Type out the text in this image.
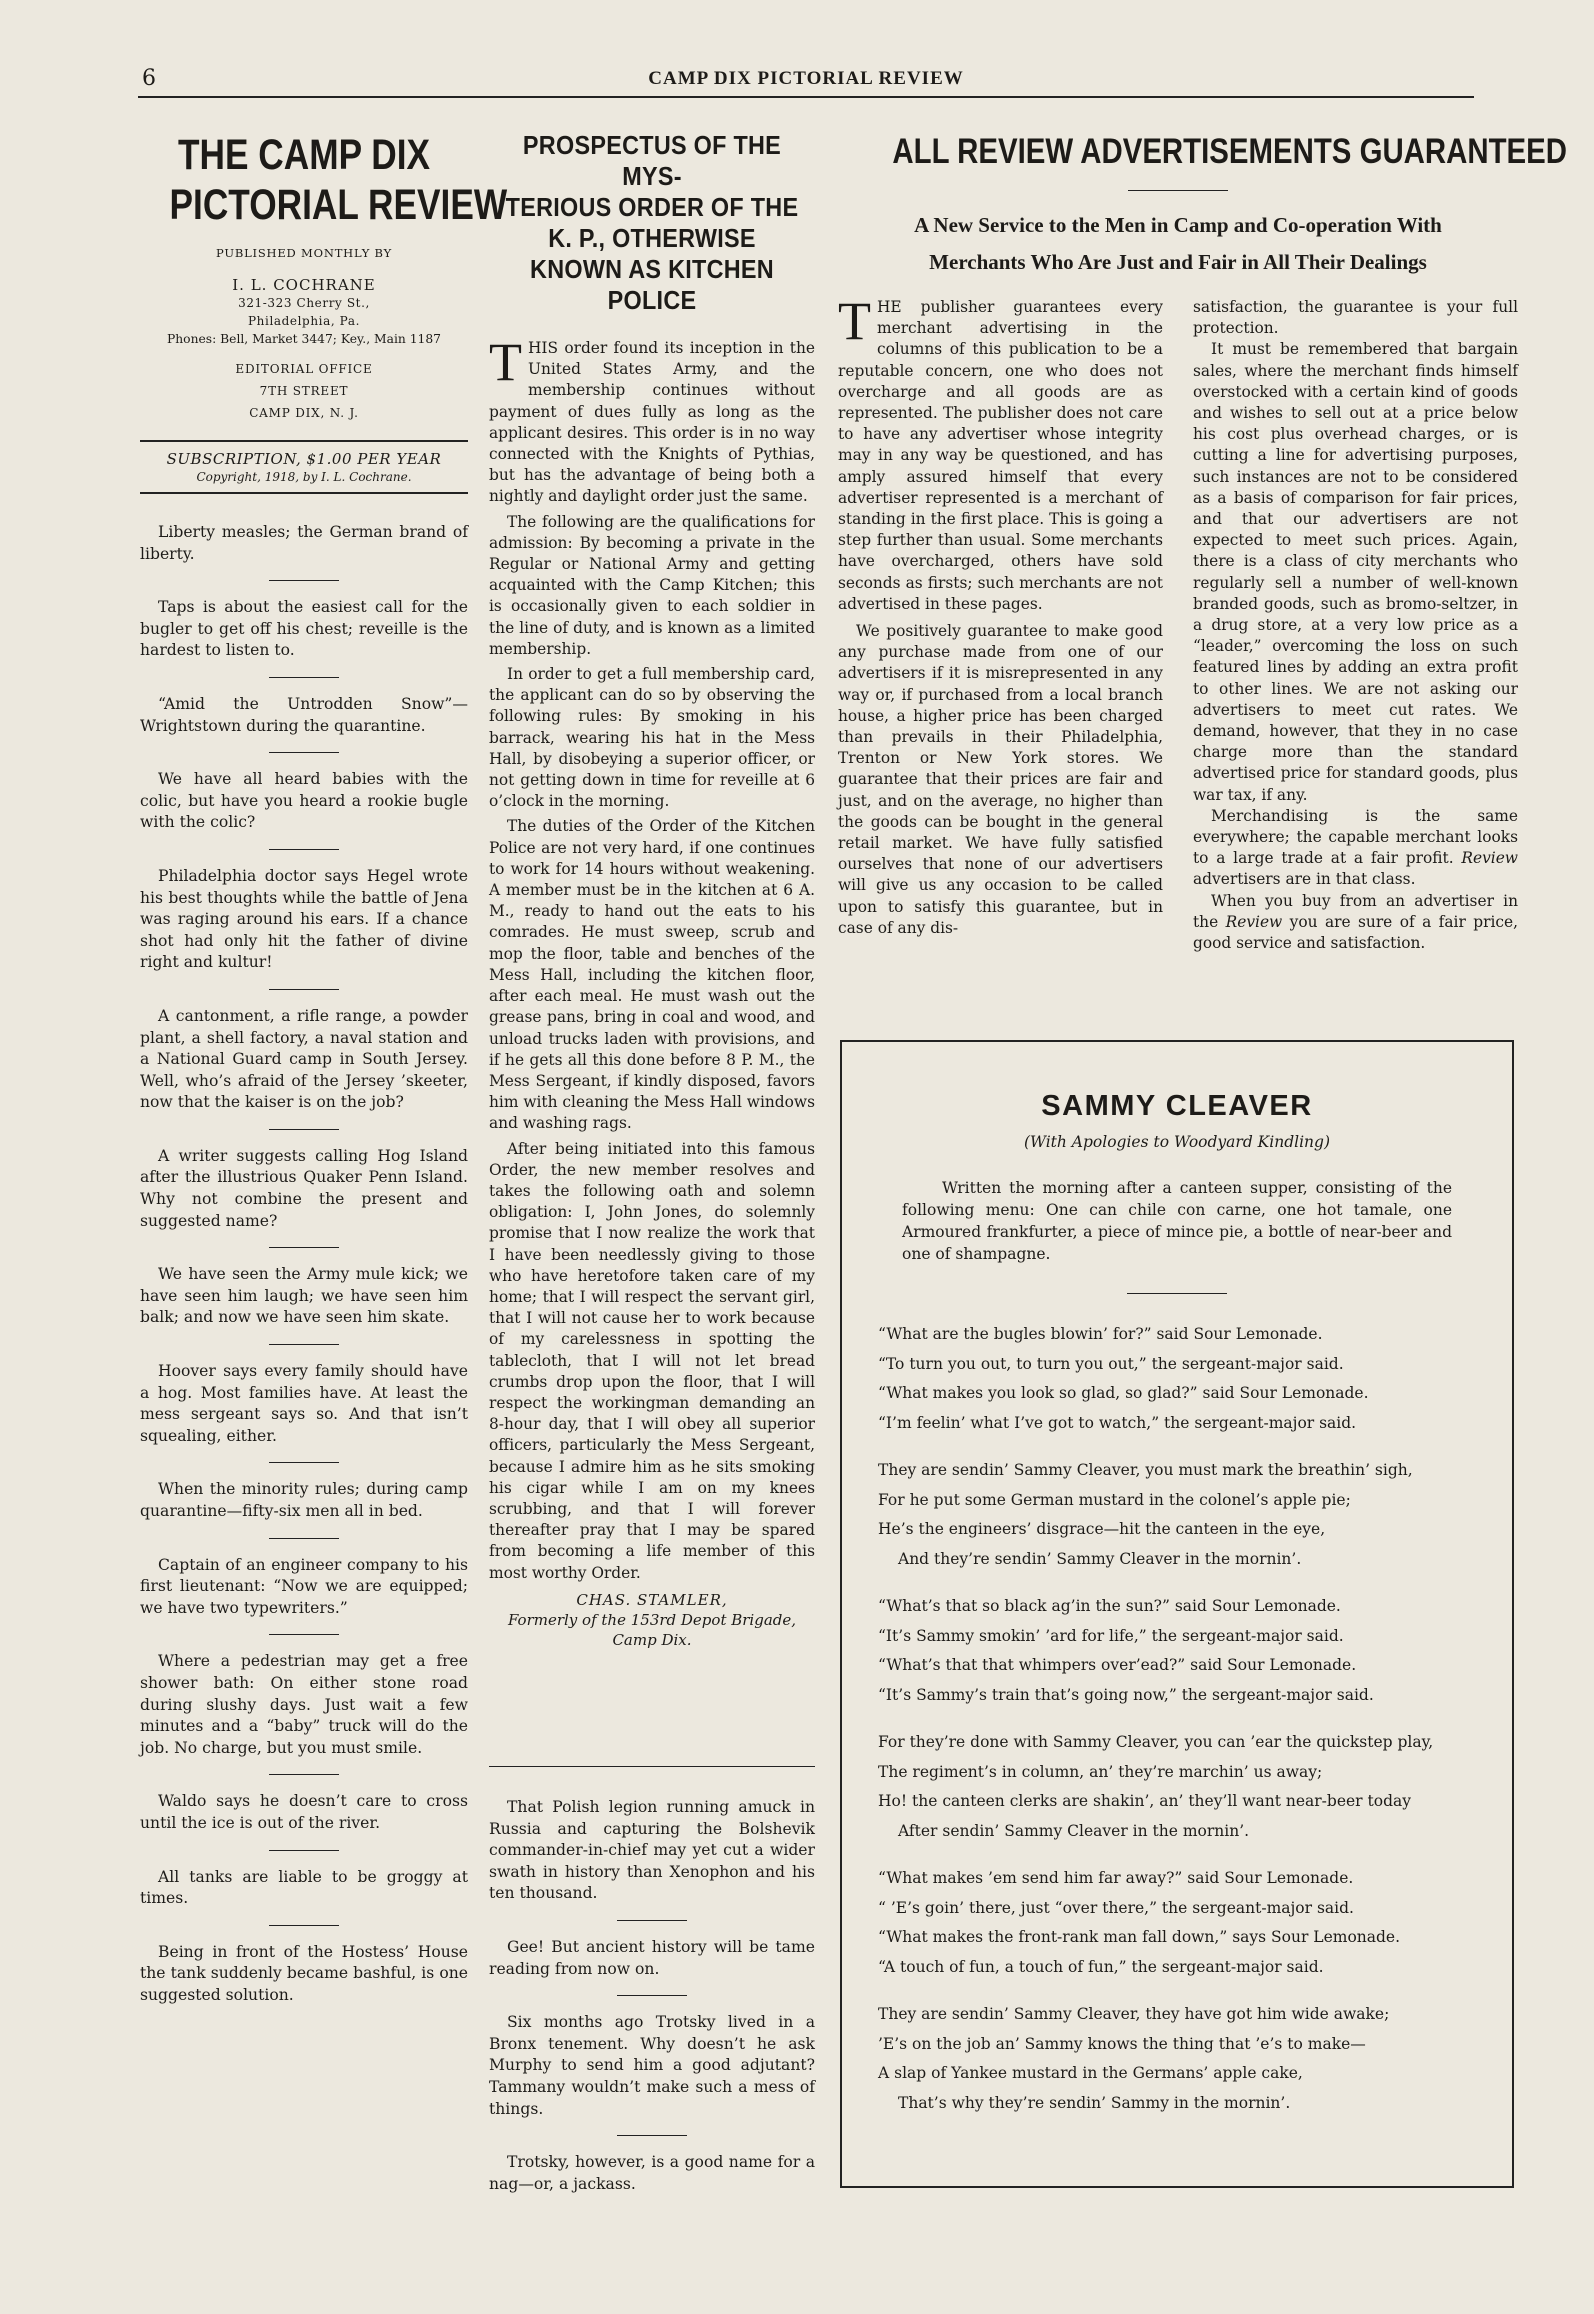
6	CAMP DIX PICTORIAL REVIEW
THE CAMP DIX
PICTORIAL REVIEW
PUBLISHED MONTHLY BY
I. L. COCHRANE
321-323 Cherry St.,
Philadelphia, Pa.
Phones: Bell, Market 3447; Key., Main 1187
EDITORIAL OFFICE
7TH STREET
CAMP DIX, N. J.
SUBSCRIPTION, $1.00 PER YEAR
Copyright, 1918, by I. L. Cochrane.

Liberty measles; the German brand of liberty.

Taps is about the easiest call for the bugler to get off his chest; reveille is the hardest to listen to.

“Amid the Untrodden Snow”—Wrightstown during the quarantine.

We have all heard babies with the colic, but have you heard a rookie bugle with the colic?

Philadelphia doctor says Hegel wrote his best thoughts while the battle of Jena was raging around his ears. If a chance shot had only hit the father of divine right and kultur!

A cantonment, a rifle range, a powder plant, a shell factory, a naval station and a National Guard camp in South Jersey. Well, who’s afraid of the Jersey ’skeeter, now that the kaiser is on the job?

A writer suggests calling Hog Island after the illustrious Quaker Penn Island. Why not combine the present and suggested name?

We have seen the Army mule kick; we have seen him laugh; we have seen him balk; and now we have seen him skate.

Hoover says every family should have a hog. Most families have. At least the mess sergeant says so. And that isn’t squealing, either.

When the minority rules; during camp quarantine—fifty-six men all in bed.

Captain of an engineer company to his first lieutenant: “Now we are equipped; we have two typewriters.”

Where a pedestrian may get a free shower bath: On either stone road during slushy days. Just wait a few minutes and a “baby” truck will do the job. No charge, but you must smile.

Waldo says he doesn’t care to cross until the ice is out of the river.

All tanks are liable to be groggy at times.

Being in front of the Hostess’ House the tank suddenly became bashful, is one suggested solution.

PROSPECTUS OF THE MYS-
TERIOUS ORDER OF THE
K. P., OTHERWISE
KNOWN AS KITCHEN
POLICE

THIS order found its inception in the United States Army, and the membership continues without payment of dues fully as long as the applicant desires. This order is in no way connected with the Knights of Pythias, but has the advantage of being both a nightly and daylight order just the same.

The following are the qualifications for admission: By becoming a private in the Regular or National Army and getting acquainted with the Camp Kitchen; this is occasionally given to each soldier in the line of duty, and is known as a limited membership.

In order to get a full membership card, the applicant can do so by observing the following rules: By smoking in his barrack, wearing his hat in the Mess Hall, by disobeying a superior officer, or not getting down in time for reveille at 6 o’clock in the morning.

The duties of the Order of the Kitchen Police are not very hard, if one continues to work for 14 hours without weakening. A member must be in the kitchen at 6 A. M., ready to hand out the eats to his comrades. He must sweep, scrub and mop the floor, table and benches of the Mess Hall, including the kitchen floor, after each meal. He must wash out the grease pans, bring in coal and wood, and unload trucks laden with provisions, and if he gets all this done before 8 P. M., the Mess Sergeant, if kindly disposed, favors him with cleaning the Mess Hall windows and washing rags.

After being initiated into this famous Order, the new member resolves and takes the following oath and solemn obligation: I, John Jones, do solemnly promise that I now realize the work that I have been needlessly giving to those who have heretofore taken care of my home; that I will respect the servant girl, that I will not cause her to work because of my carelessness in spotting the tablecloth, that I will not let bread crumbs drop upon the floor, that I will respect the workingman demanding an 8-hour day, that I will obey all superior officers, particularly the Mess Sergeant, because I admire him as he sits smoking his cigar while I am on my knees scrubbing, and that I will forever thereafter pray that I may be spared from becoming a life member of this most worthy Order.

CHAS. STAMLER,
Formerly of the 153rd Depot Brigade,
Camp Dix.

That Polish legion running amuck in Russia and capturing the Bolshevik commander-in-chief may yet cut a wider swath in history than Xenophon and his ten thousand.

Gee! But ancient history will be tame reading from now on.

Six months ago Trotsky lived in a Bronx tenement. Why doesn’t he ask Murphy to send him a good adjutant? Tammany wouldn’t make such a mess of things.

Trotsky, however, is a good name for a nag—or, a jackass.

ALL REVIEW ADVERTISEMENTS GUARANTEED
A New Service to the Men in Camp and Co-operation With
Merchants Who Are Just and Fair in All Their Dealings

THE publisher guarantees every merchant advertising in the columns of this publication to be a reputable concern, one who does not overcharge and all goods are as represented. The publisher does not care to have any advertiser whose integrity may in any way be questioned, and has amply assured himself that every advertiser represented is a merchant of standing in the first place. This is going a step further than usual. Some merchants have overcharged, others have sold seconds as firsts; such merchants are not advertised in these pages.

We positively guarantee to make good any purchase made from one of our advertisers if it is misrepresented in any way or, if purchased from a local branch house, a higher price has been charged than prevails in their Philadelphia, Trenton or New York stores. We guarantee that their prices are fair and just, and on the average, no higher than the goods can be bought in the general retail market. We have fully satisfied ourselves that none of our advertisers will give us any occasion to be called upon to satisfy this guarantee, but in case of any dis-

satisfaction, the guarantee is your full protection.

It must be remembered that bargain sales, where the merchant finds himself overstocked with a certain kind of goods and wishes to sell out at a price below his cost plus overhead charges, or is cutting a line for advertising purposes, such instances are not to be considered as a basis of comparison for fair prices, and that our advertisers are not expected to meet such prices. Again, there is a class of city merchants who regularly sell a number of well-known branded goods, such as bromo-seltzer, in a drug store, at a very low price as a “leader,” overcoming the loss on such featured lines by adding an extra profit to other lines. We are not asking our advertisers to meet cut rates. We demand, however, that they in no case charge more than the standard advertised price for standard goods, plus war tax, if any.

Merchandising is the same everywhere; the capable merchant looks to a large trade at a fair profit. Review advertisers are in that class.

When you buy from an advertiser in the Review you are sure of a fair price, good service and satisfaction.

SAMMY CLEAVER
(With Apologies to Woodyard Kindling)
Written the morning after a canteen supper, consisting of the following menu: One can chile con carne, one hot tamale, one Armoured frankfurter, a piece of mince pie, a bottle of near-beer and one of shampagne.
“What are the bugles blowin’ for?” said Sour Lemonade.
“To turn you out, to turn you out,” the sergeant-major said.
“What makes you look so glad, so glad?” said Sour Lemonade.
“I’m feelin’ what I’ve got to watch,” the sergeant-major said.
They are sendin’ Sammy Cleaver, you must mark the breathin’ sigh,
For he put some German mustard in the colonel’s apple pie;
He’s the engineers’ disgrace—hit the canteen in the eye,
And they’re sendin’ Sammy Cleaver in the mornin’.
“What’s that so black ag’in the sun?” said Sour Lemonade.
“It’s Sammy smokin’ ’ard for life,” the sergeant-major said.
“What’s that that whimpers over’ead?” said Sour Lemonade.
“It’s Sammy’s train that’s going now,” the sergeant-major said.
For they’re done with Sammy Cleaver, you can ’ear the quickstep play,
The regiment’s in column, an’ they’re marchin’ us away;
Ho! the canteen clerks are shakin’, an’ they’ll want near-beer today
After sendin’ Sammy Cleaver in the mornin’.
“What makes ’em send him far away?” said Sour Lemonade.
“ ’E’s goin’ there, just “over there,” the sergeant-major said.
“What makes the front-rank man fall down,” says Sour Lemonade.
“A touch of fun, a touch of fun,” the sergeant-major said.
They are sendin’ Sammy Cleaver, they have got him wide awake;
’E’s on the job an’ Sammy knows the thing that ’e’s to make—
A slap of Yankee mustard in the Germans’ apple cake,
That’s why they’re sendin’ Sammy in the mornin’.
